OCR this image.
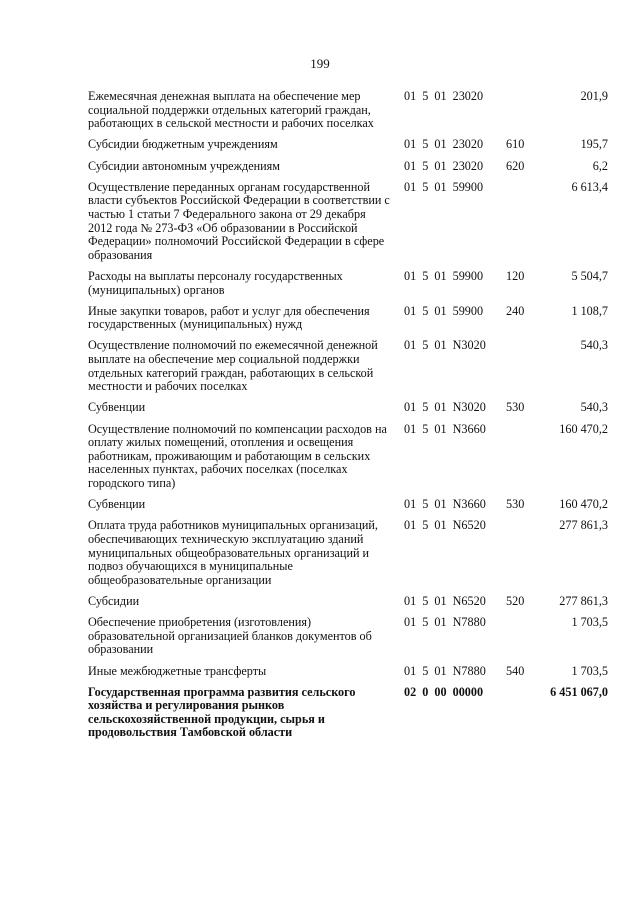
199
Ежемесячная денежная выплата на обеспечение мер социальной поддержки отдельных категорий граждан, работающих в сельской местности и рабочих поселках
01 5 01 23020	201,9
Субсидии бюджетным учреждениям	01 5 01 23020 610	195,7
Субсидии автономным учреждениям	01 5 01 23020 620	6,2
Осуществление переданных органам государственной власти субъектов Российской Федерации в соответствии с частью 1 статьи 7 Федерального закона от 29 декабря 2012 года № 273-ФЗ «Об образовании в Российской Федерации» полномочий Российской Федерации в сфере образования
01 5 01 59900	6 613,4
Расходы на выплаты персоналу государственных (муниципальных) органов
01 5 01 59900 120	5 504,7
Иные закупки товаров, работ и услуг для обеспечения государственных (муниципальных) нужд
01 5 01 59900 240	1 108,7
Осуществление полномочий по ежемесячной денежной выплате на обеспечение мер социальной поддержки отдельных категорий граждан, работающих в сельской местности и рабочих поселках
01 5 01 N3020	540,3
Субвенции	01 5 01 N3020 530	540,3
Осуществление полномочий по компенсации расходов на оплату жилых помещений, отопления и освещения работникам, проживающим и работающим в сельских населенных пунктах, рабочих поселках (поселках городского типа)
01 5 01 N3660	160 470,2
Субвенции	01 5 01 N3660 530	160 470,2
Оплата труда работников муниципальных организаций, обеспечивающих техническую эксплуатацию зданий муниципальных общеобразовательных организаций и подвоз обучающихся в муниципальные общеобразовательные организации
01 5 01 N6520	277 861,3
Субсидии	01 5 01 N6520 520	277 861,3
Обеспечение приобретения (изготовления) образовательной организацией бланков документов об образовании
01 5 01 N7880	1 703,5
Иные межбюджетные трансферты	01 5 01 N7880 540	1 703,5
Государственная программа развития сельского хозяйства и регулирования рынков сельскохозяйственной продукции, сырья и продовольствия Тамбовской области
02 0 00 00000	6 451 067,0
